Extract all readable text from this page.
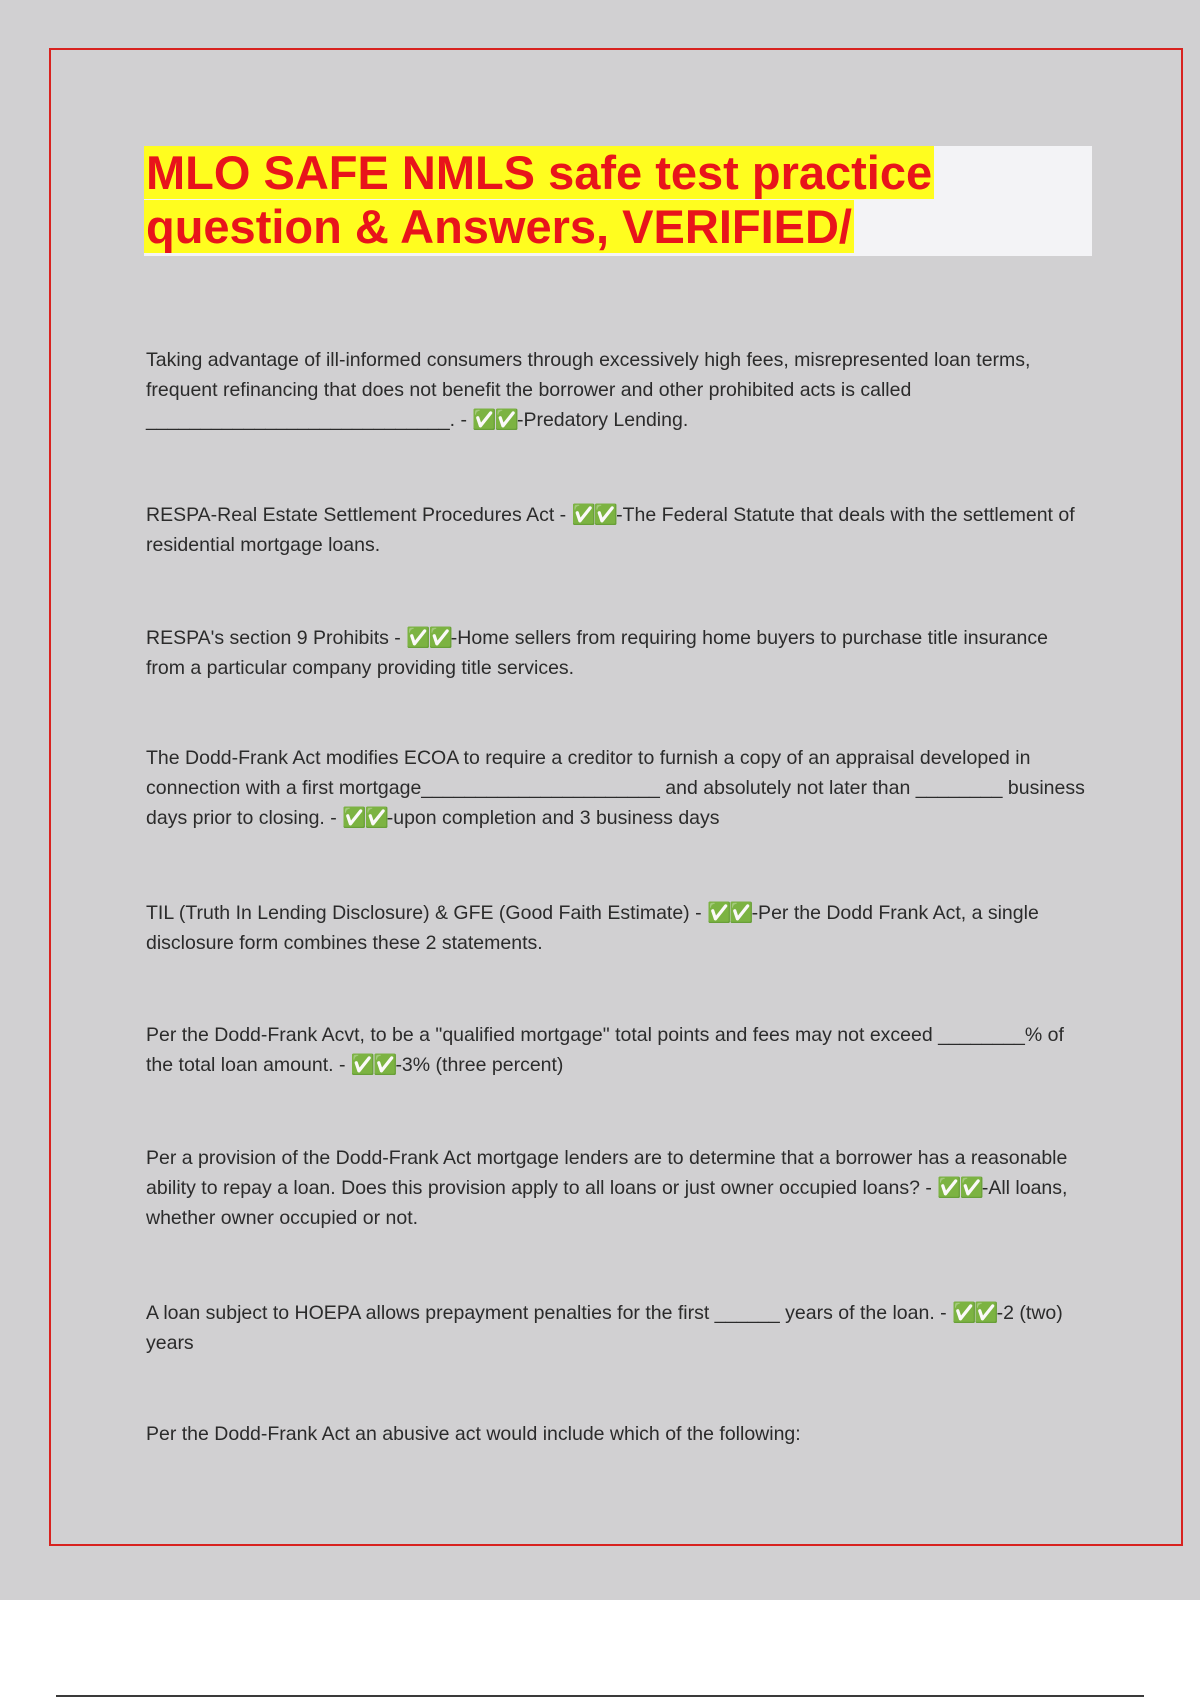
MLO SAFE NMLS safe test practice
question & Answers, VERIFIED/

Taking advantage of ill-informed consumers through excessively high fees, misrepresented loan terms, frequent refinancing that does not benefit the borrower and other prohibited acts is called ____________________________. - ✅✅-Predatory Lending.

RESPA-Real Estate Settlement Procedures Act - ✅✅-The Federal Statute that deals with the settlement of residential mortgage loans.

RESPA's section 9 Prohibits - ✅✅-Home sellers from requiring home buyers to purchase title insurance from a particular company providing title services.

The Dodd-Frank Act modifies ECOA to require a creditor to furnish a copy of an appraisal developed in connection with a first mortgage______________________ and absolutely not later than ________ business days prior to closing. - ✅✅-upon completion and 3 business days

TIL (Truth In Lending Disclosure) & GFE (Good Faith Estimate) - ✅✅-Per the Dodd Frank Act, a single disclosure form combines these 2 statements.

Per the Dodd-Frank Acvt, to be a "qualified mortgage" total points and fees may not exceed ________% of the total loan amount. - ✅✅-3% (three percent)

Per a provision of the Dodd-Frank Act mortgage lenders are to determine that a borrower has a reasonable ability to repay a loan. Does this provision apply to all loans or just owner occupied loans? - ✅✅-All loans, whether owner occupied or not.

A loan subject to HOEPA allows prepayment penalties for the first ______ years of the loan. - ✅✅-2 (two) years

Per the Dodd-Frank Act an abusive act would include which of the following:
